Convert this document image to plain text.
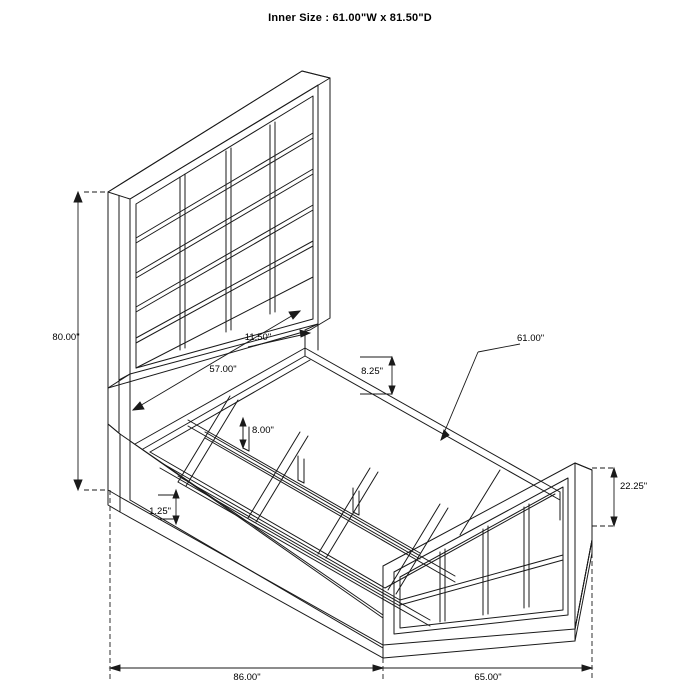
Inner Size : 61.00"W x 81.50"D
80.00"
57.00"
11.50"	61.00"
8.25"
8.00"
1.25"
22.25"
86.00"	65.00"
